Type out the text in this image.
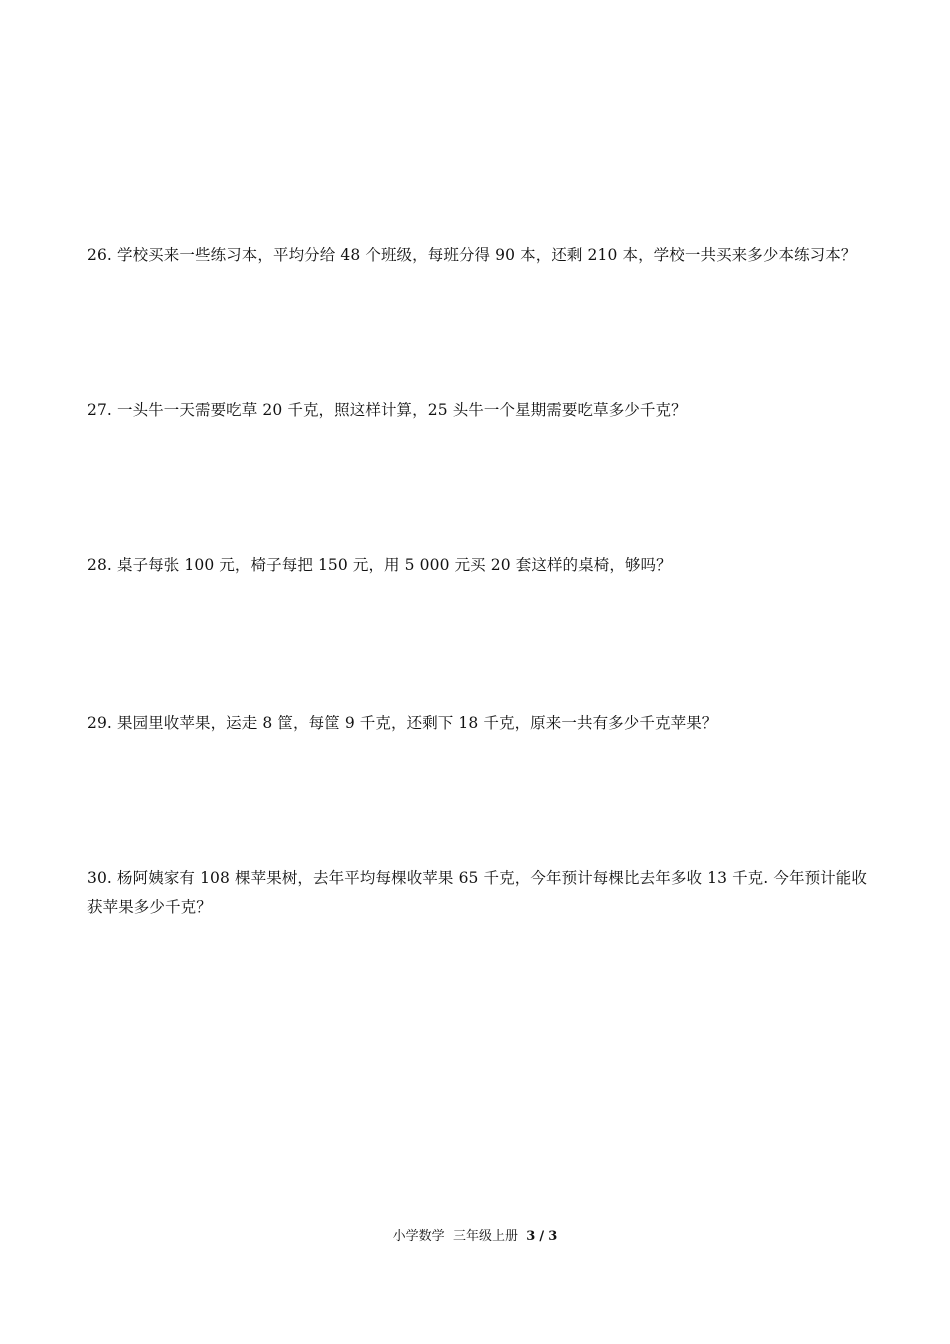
26. 学校买来一些练习本，平均分给 48 个班级，每班分得 90 本，还剩 210 本，学校一共买来多少本练习本？
27. 一头牛一天需要吃草 20 千克，照这样计算，25 头牛一个星期需要吃草多少千克？
28. 桌子每张 100 元，椅子每把 150 元，用 5 000 元买 20 套这样的桌椅，够吗？
29. 果园里收苹果，运走 8 筐，每筐 9 千克，还剩下 18 千克，原来一共有多少千克苹果？
30. 杨阿姨家有 108 棵苹果树，去年平均每棵收苹果 65 千克，今年预计每棵比去年多收 13 千克. 今年预计能收获苹果多少千克？
小学数学 三年级上册 3 / 3
